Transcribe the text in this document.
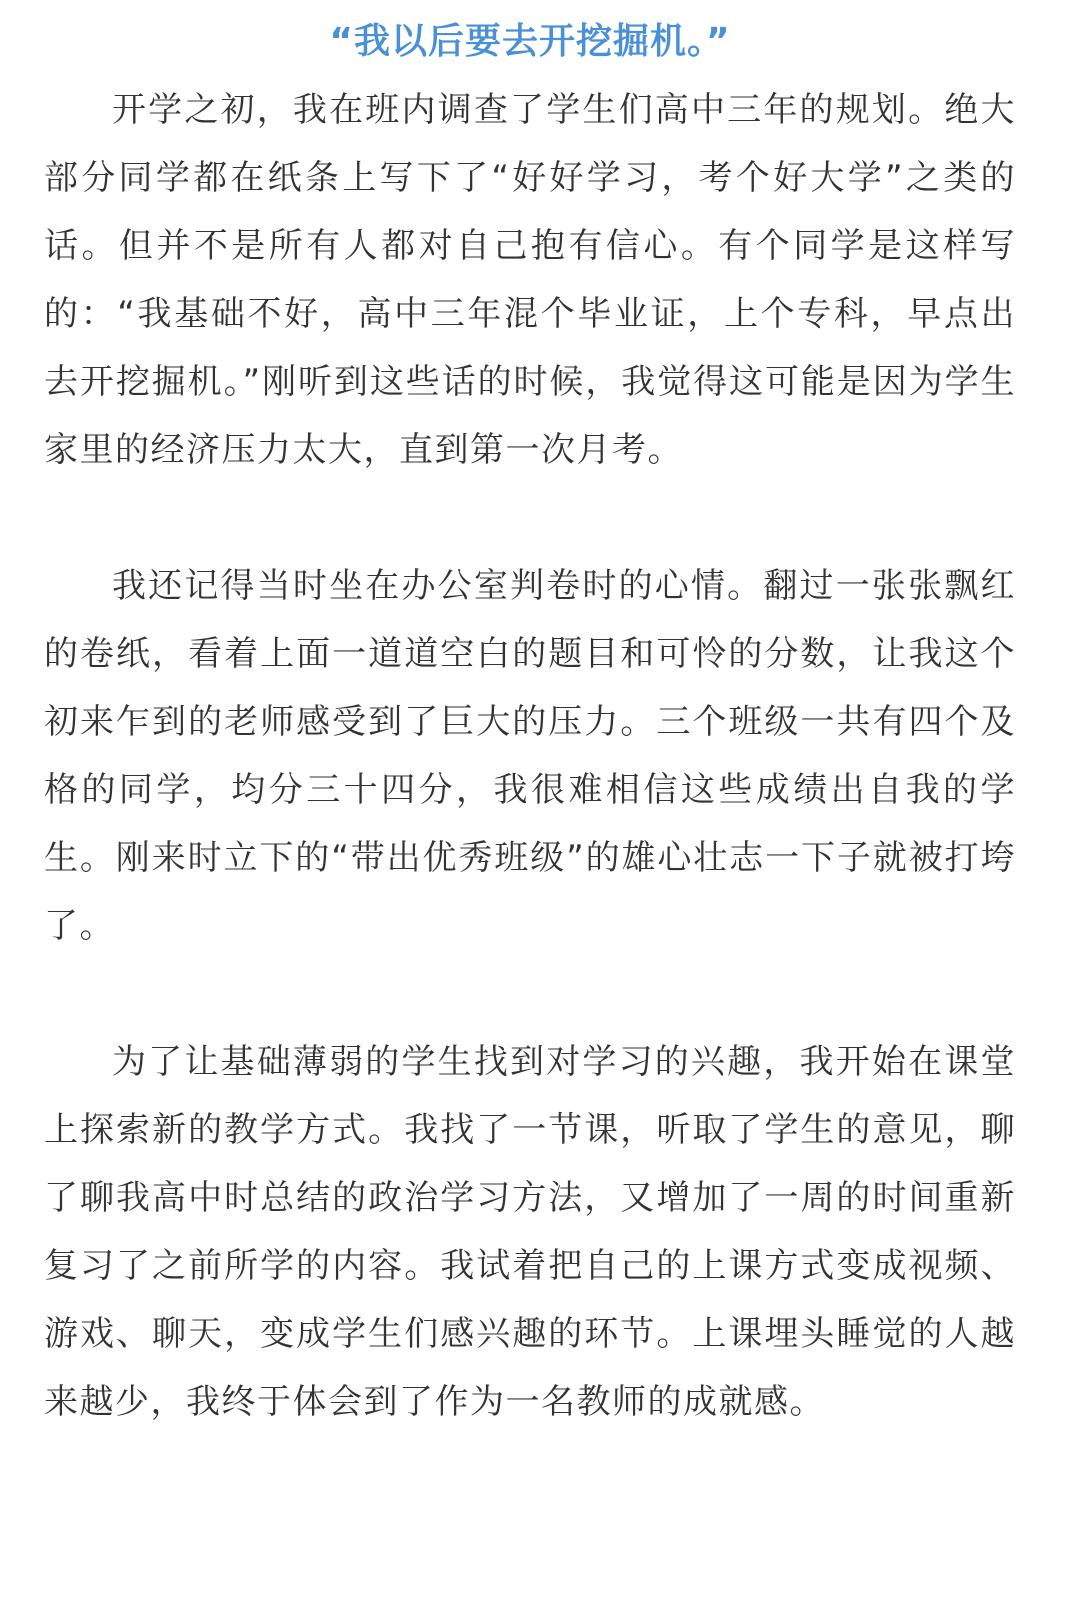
“我以后要去开挖掘机。”

开学之初，我在班内调查了学生们高中三年的规划。绝大部分同学都在纸条上写下了“好好学习，考个好大学”之类的话。但并不是所有人都对自己抱有信心。有个同学是这样写的：“我基础不好，高中三年混个毕业证，上个专科，早点出去开挖掘机。”刚听到这些话的时候，我觉得这可能是因为学生家里的经济压力太大，直到第一次月考。

我还记得当时坐在办公室判卷时的心情。翻过一张张飘红的卷纸，看着上面一道道空白的题目和可怜的分数，让我这个初来乍到的老师感受到了巨大的压力。三个班级一共有四个及格的同学，均分三十四分，我很难相信这些成绩出自我的学生。刚来时立下的“带出优秀班级”的雄心壮志一下子就被打垮了。

为了让基础薄弱的学生找到对学习的兴趣，我开始在课堂上探索新的教学方式。我找了一节课，听取了学生的意见，聊了聊我高中时总结的政治学习方法，又增加了一周的时间重新复习了之前所学的内容。我试着把自己的上课方式变成视频、游戏、聊天，变成学生们感兴趣的环节。上课埋头睡觉的人越来越少，我终于体会到了作为一名教师的成就感。
